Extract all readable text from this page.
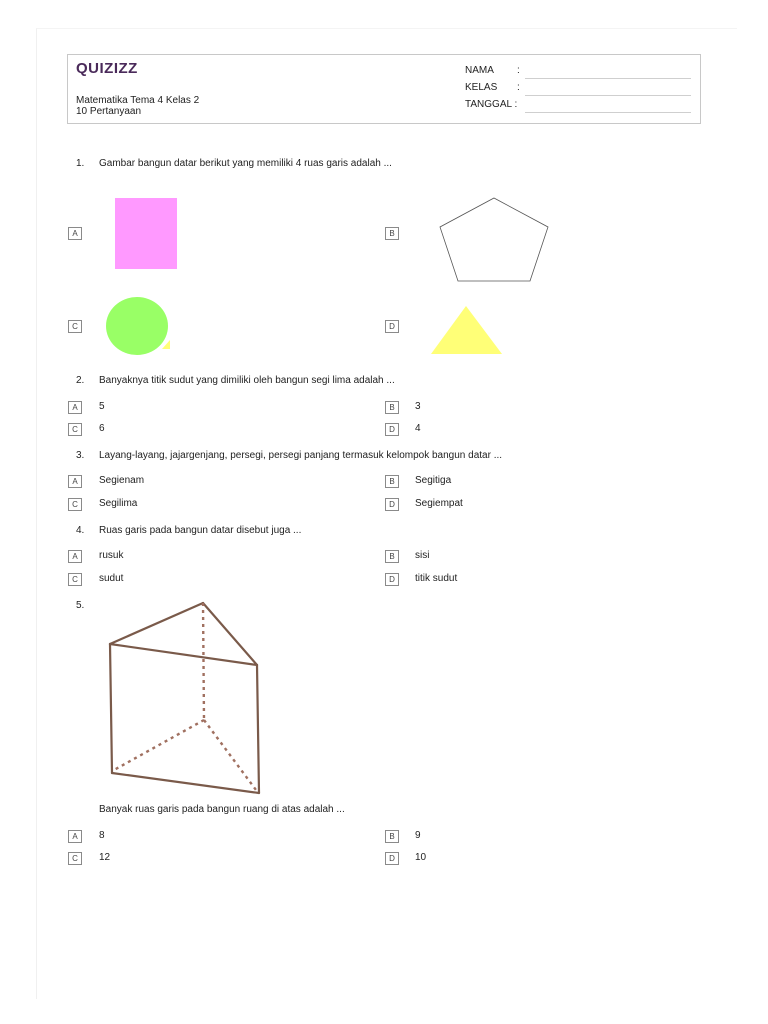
QUIZIZZ
Matematika Tema 4 Kelas 2
10 Pertanyaan
NAMA :
KELAS :
TANGGAL :
1. Gambar bangun datar berikut yang memiliki 4 ruas garis adalah ...
A	B
C	D
2. Banyaknya titik sudut yang dimiliki oleh bangun segi lima adalah ...
A	5	B	3
C	6	D	4
3. Layang-layang, jajargenjang, persegi, persegi panjang termasuk kelompok bangun datar ...
A	Segienam	B	Segitiga
C	Segilima	D	Segiempat
4. Ruas garis pada bangun datar disebut juga ...
A	rusuk	B	sisi
C	sudut	D	titik sudut
5.
Banyak ruas garis pada bangun ruang di atas adalah ...
A	8	B	9
C	12	D	10
